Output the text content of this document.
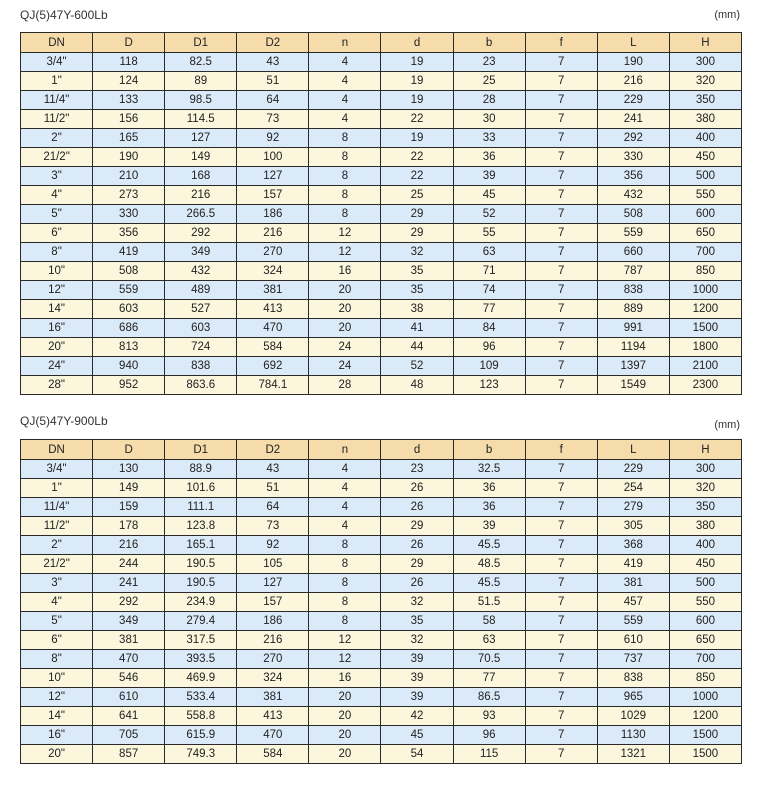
QJ(5)47Y-600Lb	(mm)
DN	D	D1	D2	n	d	b	f	L	H
3/4"	118	82.5	43	4	19	23	7	190	300
1"	124	89	51	4	19	25	7	216	320
11/4"	133	98.5	64	4	19	28	7	229	350
11/2"	156	114.5	73	4	22	30	7	241	380
2"	165	127	92	8	19	33	7	292	400
21/2"	190	149	100	8	22	36	7	330	450
3"	210	168	127	8	22	39	7	356	500
4"	273	216	157	8	25	45	7	432	550
5"	330	266.5	186	8	29	52	7	508	600
6"	356	292	216	12	29	55	7	559	650
8"	419	349	270	12	32	63	7	660	700
10"	508	432	324	16	35	71	7	787	850
12"	559	489	381	20	35	74	7	838	1000
14"	603	527	413	20	38	77	7	889	1200
16"	686	603	470	20	41	84	7	991	1500
20"	813	724	584	24	44	96	7	1194	1800
24"	940	838	692	24	52	109	7	1397	2100
28"	952	863.6	784.1	28	48	123	7	1549	2300
QJ(5)47Y-900Lb	(mm)
DN	D	D1	D2	n	d	b	f	L	H
3/4"	130	88.9	43	4	23	32.5	7	229	300
1"	149	101.6	51	4	26	36	7	254	320
11/4"	159	111.1	64	4	26	36	7	279	350
11/2"	178	123.8	73	4	29	39	7	305	380
2"	216	165.1	92	8	26	45.5	7	368	400
21/2"	244	190.5	105	8	29	48.5	7	419	450
3"	241	190.5	127	8	26	45.5	7	381	500
4"	292	234.9	157	8	32	51.5	7	457	550
5"	349	279.4	186	8	35	58	7	559	600
6"	381	317.5	216	12	32	63	7	610	650
8"	470	393.5	270	12	39	70.5	7	737	700
10"	546	469.9	324	16	39	77	7	838	850
12"	610	533.4	381	20	39	86.5	7	965	1000
14"	641	558.8	413	20	42	93	7	1029	1200
16"	705	615.9	470	20	45	96	7	1130	1500
20"	857	749.3	584	20	54	115	7	1321	1500
